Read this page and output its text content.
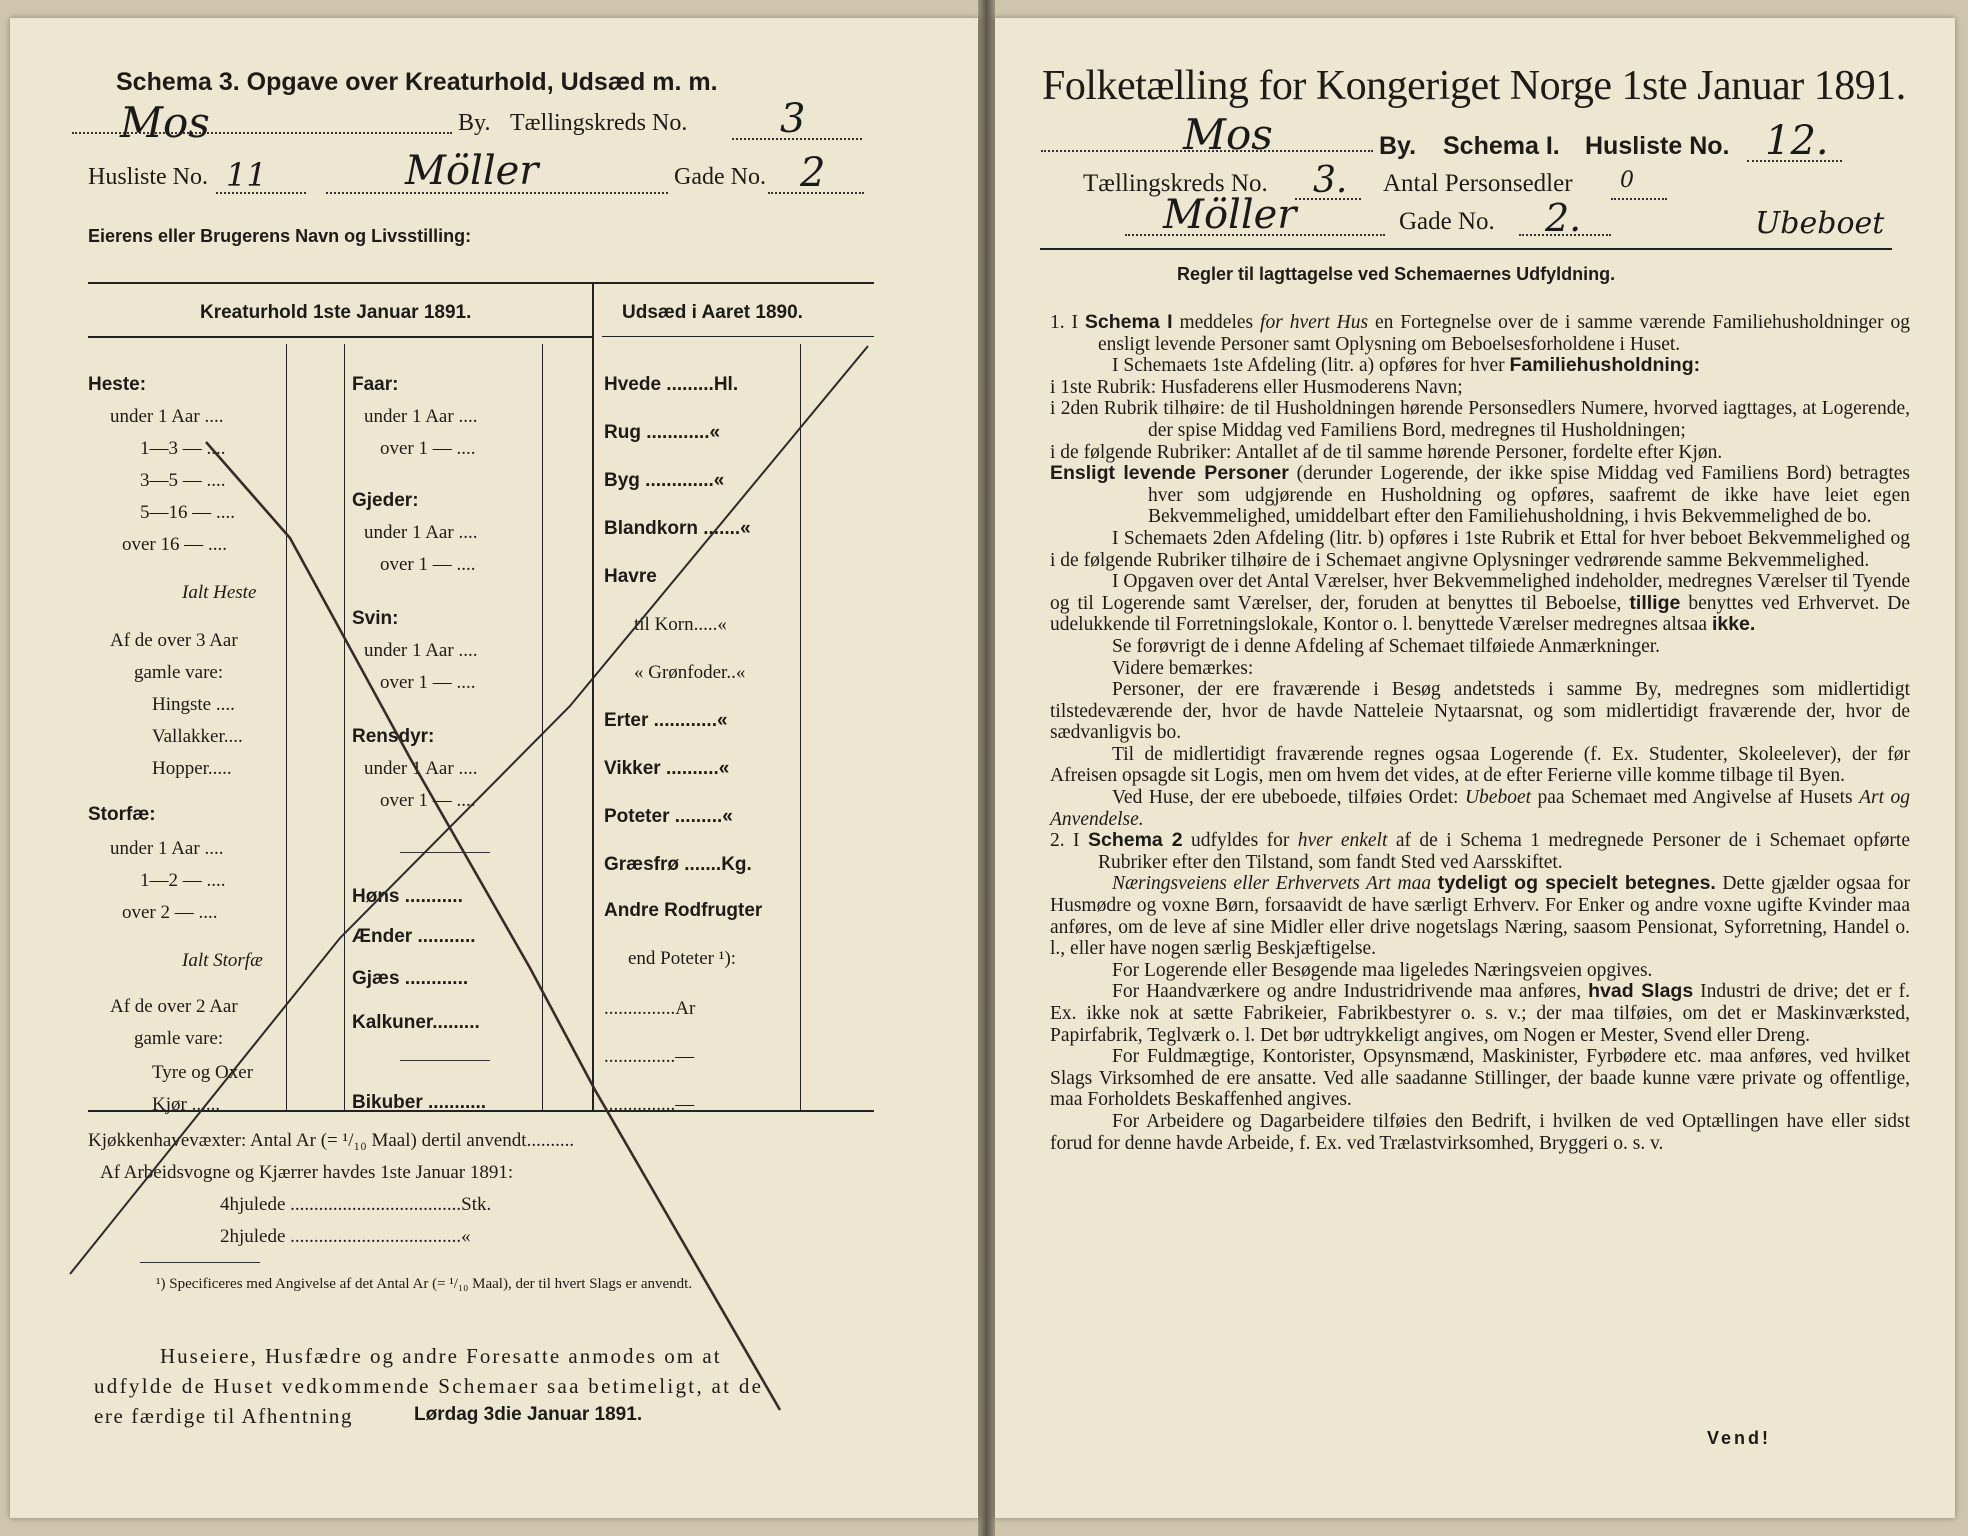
Schema 3. Opgave over Kreaturhold, Udsæd m. m.
Mos	By. Tællingskreds No. 3
Husliste No. 11	Möller	Gade No. 2
Eierens eller Brugerens Navn og Livsstilling:
Kreaturhold 1ste Januar 1891.	Udsæd i Aaret 1890.
Heste:
under 1 Aar ....
1—3 — ....
3—5 — ....
5—16 — ....
over 16 — ....
Ialt Heste
Af de over 3 Aar
gamle vare:
Hingste ....
Vallakker....
Hopper.....
Storfæ:
under 1 Aar ....
1—2 — ....
over 2 — ....
Ialt Storfæ
Af de over 2 Aar
gamle vare:
Tyre og Oxer
Kjør ......
Faar:
under 1 Aar ....
over 1 — ....
Gjeder:
under 1 Aar ....
over 1 — ....
Svin:
under 1 Aar ....
over 1 — ....
Rensdyr:
under 1 Aar ....
over 1 — ....
Høns ...........
Ænder ...........
Gjæs ............
Kalkuner.........
Bikuber ...........
Hvede .........Hl.
Rug ............«
Byg .............«
Blandkorn .......«
Havre
til Korn.....«
« Grønfoder..«
Erter ............«
Vikker ..........«
Poteter .........«
Græsfrø .......Kg.
Andre Rodfrugter
end Poteter ¹):
...............Ar
...............—
...............—
Kjøkkenhavevæxter: Antal Ar (= ¹/₁₀ Maal) dertil anvendt..........
Af Arbeidsvogne og Kjærrer havdes 1ste Januar 1891:
4hjulede ....................................Stk.
2hjulede ....................................«
¹) Specificeres med Angivelse af det Antal Ar (= ¹/₁₀ Maal), der til hvert Slags er anvendt.
Huseiere, Husfædre og andre Foresatte anmodes om at
udfylde de Huset vedkommende Schemaer saa betimeligt, at de
ere færdige til Afhentning	Lørdag 3die Januar 1891.
Folketælling for Kongeriget Norge 1ste Januar 1891.
Mos	By. Schema I. Husliste No. 12.
Tællingskreds No. 3. Antal Personsedler 0
Möller	Gade No. 2.	Ubeboet
Regler til lagttagelse ved Schemaernes Udfyldning.

1. I Schema I meddeles for hvert Hus en Fortegnelse over de i samme værende Familiehusholdninger og ensligt levende Personer samt Oplysning om Beboelsesforholdene i Huset.

I Schemaets 1ste Afdeling (litr. a) opføres for hver Familiehusholdning:

i 1ste Rubrik: Husfaderens eller Husmoderens Navn;

i 2den Rubrik tilhøire: de til Husholdningen hørende Personsedlers Numere, hvorved iagttages, at Logerende, der spise Middag ved Familiens Bord, medregnes til Husholdningen;

i de følgende Rubriker: Antallet af de til samme hørende Personer, fordelte efter Kjøn.

Ensligt levende Personer (derunder Logerende, der ikke spise Middag ved Familiens Bord) betragtes hver som udgjørende en Husholdning og opføres, saafremt de ikke have leiet egen Bekvemmelighed, umiddelbart efter den Familiehusholdning, i hvis Bekvemmelighed de bo.

I Schemaets 2den Afdeling (litr. b) opføres i 1ste Rubrik et Ettal for hver beboet Bekvemmelighed og i de følgende Rubriker tilhøire de i Schemaet angivne Oplysninger vedrørende samme Bekvemmelighed.

I Opgaven over det Antal Værelser, hver Bekvemmelighed indeholder, medregnes Værelser til Tyende og til Logerende samt Værelser, der, foruden at benyttes til Beboelse, tillige benyttes ved Erhvervet. De udelukkende til Forretningslokale, Kontor o. l. benyttede Værelser medregnes altsaa ikke.

Se forøvrigt de i denne Afdeling af Schemaet tilføiede Anmærkninger.

Videre bemærkes:

Personer, der ere fraværende i Besøg andetsteds i samme By, medregnes som midlertidigt tilstedeværende der, hvor de havde Natteleie Nytaarsnat, og som midlertidigt fraværende der, hvor de sædvanligvis bo.

Til de midlertidigt fraværende regnes ogsaa Logerende (f. Ex. Studenter, Skoleelever), der før Afreisen opsagde sit Logis, men om hvem det vides, at de efter Ferierne ville komme tilbage til Byen.

Ved Huse, der ere ubeboede, tilføies Ordet: Ubeboet paa Schemaet med Angivelse af Husets Art og Anvendelse.

2. I Schema 2 udfyldes for hver enkelt af de i Schema 1 medregnede Personer de i Schemaet opførte Rubriker efter den Tilstand, som fandt Sted ved Aarsskiftet.

Næringsveiens eller Erhvervets Art maa tydeligt og specielt betegnes. Dette gjælder ogsaa for Husmødre og voxne Børn, forsaavidt de have særligt Erhverv. For Enker og andre voxne ugifte Kvinder maa anføres, om de leve af sine Midler eller drive nogetslags Næring, saasom Pensionat, Syforretning, Handel o. l., eller have nogen særlig Beskjæftigelse.

For Logerende eller Besøgende maa ligeledes Næringsveien opgives.

For Haandværkere og andre Industridrivende maa anføres, hvad Slags Industri de drive; det er f. Ex. ikke nok at sætte Fabrikeier, Fabrikbestyrer o. s. v.; der maa tilføies, om det er Maskinværksted, Papirfabrik, Teglværk o. l. Det bør udtrykkeligt angives, om Nogen er Mester, Svend eller Dreng.

For Fuldmægtige, Kontorister, Opsynsmænd, Maskinister, Fyrbødere etc. maa anføres, ved hvilket Slags Virksomhed de ere ansatte. Ved alle saadanne Stillinger, der baade kunne være private og offentlige, maa Forholdets Beskaffenhed angives.

For Arbeidere og Dagarbeidere tilføies den Bedrift, i hvilken de ved Optællingen have eller sidst forud for denne havde Arbeide, f. Ex. ved Trælastvirksomhed, Bryggeri o. s. v.

Vend!
